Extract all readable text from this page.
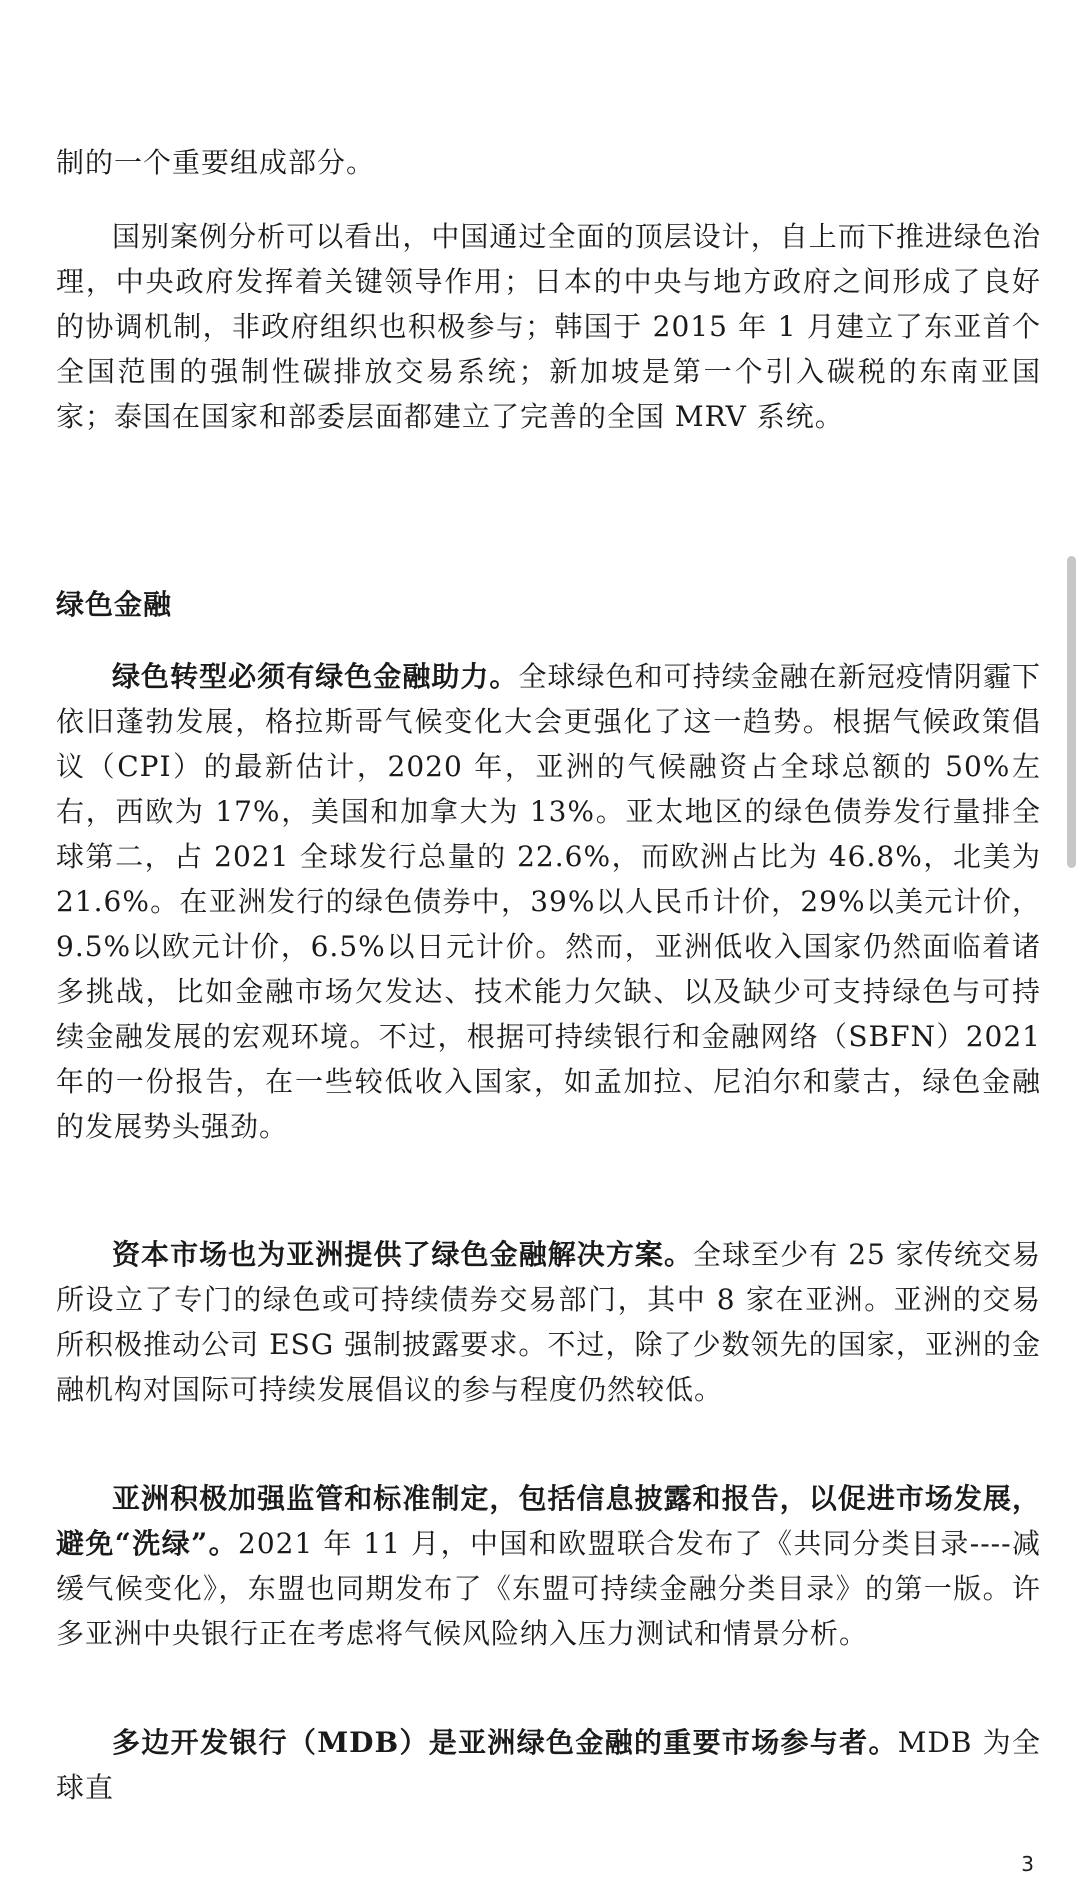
制的一个重要组成部分。

国别案例分析可以看出，中国通过全面的顶层设计，自上而下推进绿色治理，中央政府发挥着关键领导作用；日本的中央与地方政府之间形成了良好的协调机制，非政府组织也积极参与；韩国于 2015 年 1 月建立了东亚首个全国范围的强制性碳排放交易系统；新加坡是第一个引入碳税的东南亚国家；泰国在国家和部委层面都建立了完善的全国 MRV 系统。

绿色金融

绿色转型必须有绿色金融助力。全球绿色和可持续金融在新冠疫情阴霾下依旧蓬勃发展，格拉斯哥气候变化大会更强化了这一趋势。根据气候政策倡议（CPI）的最新估计，2020 年，亚洲的气候融资占全球总额的 50%左右，西欧为 17%，美国和加拿大为 13%。亚太地区的绿色债券发行量排全球第二，占 2021 全球发行总量的 22.6%，而欧洲占比为 46.8%，北美为 21.6%。在亚洲发行的绿色债券中，39%以人民币计价，29%以美元计价，9.5%以欧元计价，6.5%以日元计价。然而，亚洲低收入国家仍然面临着诸多挑战，比如金融市场欠发达、技术能力欠缺、以及缺少可支持绿色与可持续金融发展的宏观环境。不过，根据可持续银行和金融网络（SBFN）2021 年的一份报告，在一些较低收入国家，如孟加拉、尼泊尔和蒙古，绿色金融的发展势头强劲。

资本市场也为亚洲提供了绿色金融解决方案。全球至少有 25 家传统交易所设立了专门的绿色或可持续债券交易部门，其中 8 家在亚洲。亚洲的交易所积极推动公司 ESG 强制披露要求。不过，除了少数领先的国家，亚洲的金融机构对国际可持续发展倡议的参与程度仍然较低。

亚洲积极加强监管和标准制定，包括信息披露和报告，以促进市场发展，避免“洗绿”。2021 年 11 月，中国和欧盟联合发布了《共同分类目录----减缓气候变化》，东盟也同期发布了《东盟可持续金融分类目录》的第一版。许多亚洲中央银行正在考虑将气候风险纳入压力测试和情景分析。

多边开发银行（MDB）是亚洲绿色金融的重要市场参与者。MDB 为全球直

3
